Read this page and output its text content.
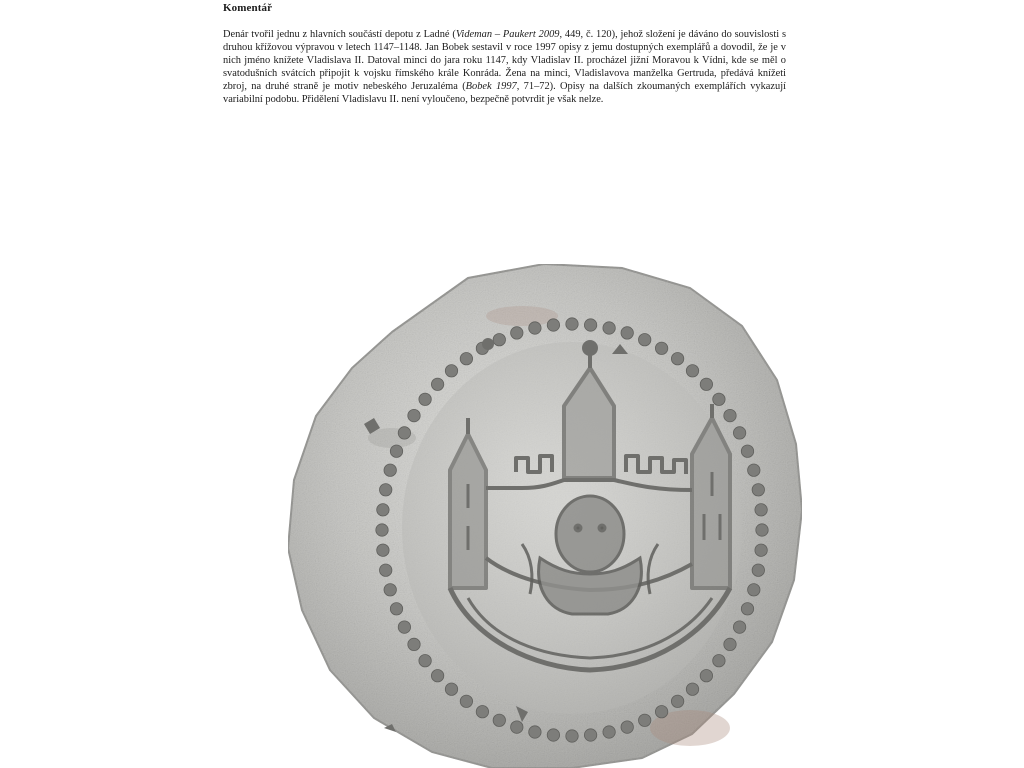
Komentář
Denár tvořil jednu z hlavních součástí depotu z Ladné (Videman – Paukert 2009, 449, č. 120), jehož složení je dáváno do souvislosti s druhou křížovou výpravou v letech 1147–1148. Jan Bobek sestavil v roce 1997 opisy z jemu dostupných exemplářů a dovodil, že je v nich jméno knížete Vladislava II. Datoval minci do jara roku 1147, kdy Vladislav II. procházel jižní Moravou k Vídni, kde se měl o svatodušních svátcích připojit k vojsku římského krále Konráda. Žena na minci, Vladislavova manželka Gertruda, předává knížeti zbroj, na druhé straně je motiv nebeského Jeruzaléma (Bobek 1997, 71–72). Opisy na dalších zkoumaných exemplářích vykazují variabilní podobu. Přidělení Vladislavu II. není vyloučeno, bezpečně potvrdit je však nelze.
